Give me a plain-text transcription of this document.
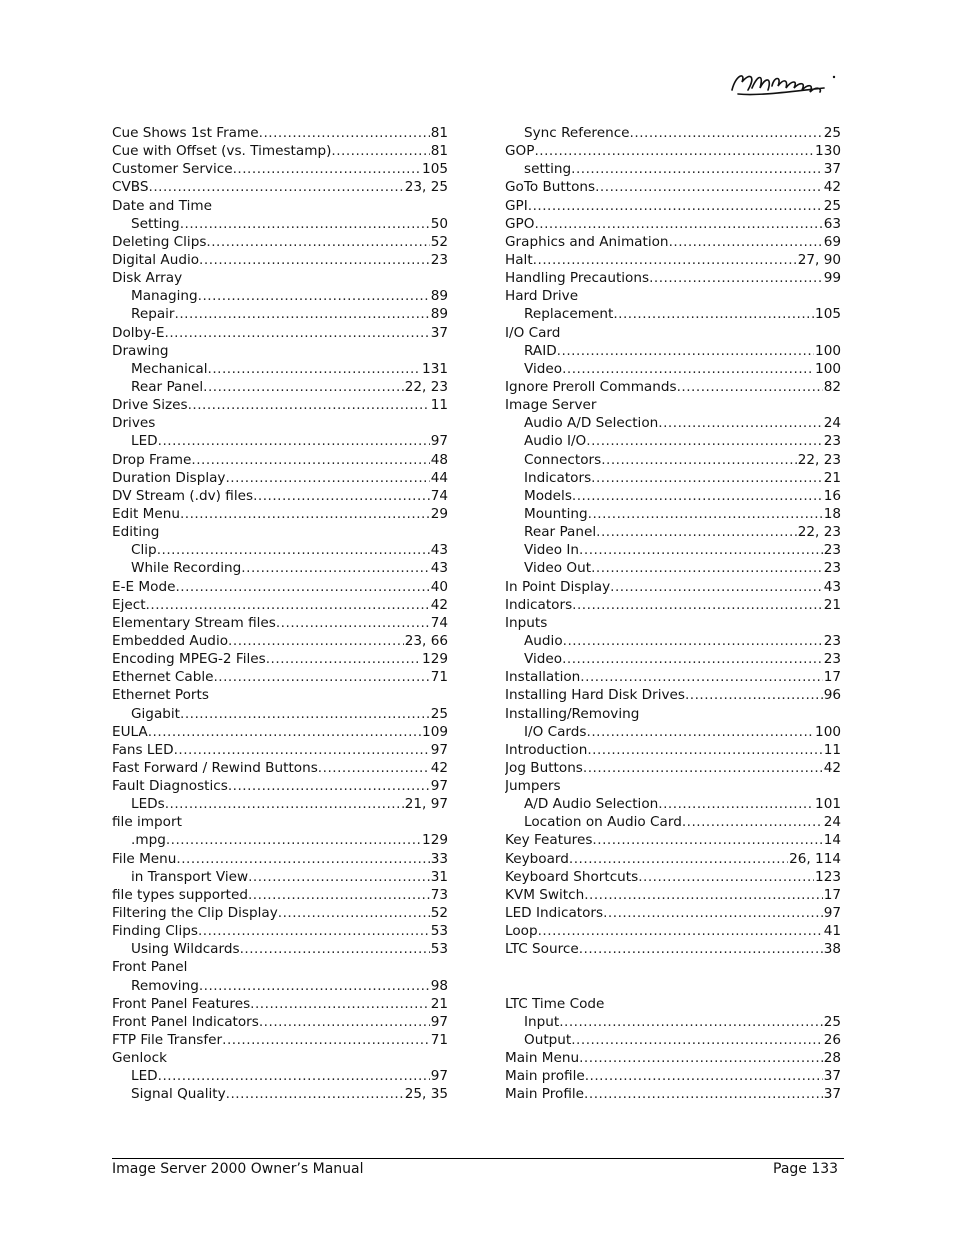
Cue Shows 1st Frame .....	81
Cue with Offset (vs. Timestamp) .....	81
Customer Service .....	105
CVBS .....	23, 25
Date and Time
Setting .....	50
Deleting Clips .....	52
Digital Audio .....	23
Disk Array
Managing .....	89
Repair .....	89
Dolby-E .....	37
Drawing
Mechanical .....	131
Rear Panel .....	22, 23
Drive Sizes .....	11
Drives
LED .....	97
Drop Frame .....	48
Duration Display .....	44
DV Stream (.dv) files .....	74
Edit Menu .....	29
Editing
Clip .....	43
While Recording .....	43
E-E Mode .....	40
Eject .....	42
Elementary Stream files .....	74
Embedded Audio .....	23, 66
Encoding MPEG-2 Files .....	129
Ethernet Cable .....	71
Ethernet Ports
Gigabit .....	25
EULA .....	109
Fans LED .....	97
Fast Forward / Rewind Buttons .....	42
Fault Diagnostics .....	97
LEDs .....	21, 97
file import
.mpg .....	129
File Menu .....	33
in Transport View .....	31
file types supported .....	73
Filtering the Clip Display .....	52
Finding Clips .....	53
Using Wildcards .....	53
Front Panel
Removing .....	98
Front Panel Features .....	21
Front Panel Indicators .....	97
FTP File Transfer .....	71
Genlock
LED .....	97
Signal Quality .....	25, 35
Sync Reference .....	25
GOP .....	130
setting .....	37
GoTo Buttons .....	42
GPI .....	25
GPO .....	63
Graphics and Animation .....	69
Halt .....	27, 90
Handling Precautions .....	99
Hard Drive
Replacement .....	105
I/O Card
RAID .....	100
Video .....	100
Ignore Preroll Commands .....	82
Image Server
Audio A/D Selection .....	24
Audio I/O .....	23
Connectors .....	22, 23
Indicators .....	21
Models .....	16
Mounting .....	18
Rear Panel .....	22, 23
Video In .....	23
Video Out .....	23
In Point Display .....	43
Indicators .....	21
Inputs
Audio .....	23
Video .....	23
Installation .....	17
Installing Hard Disk Drives .....	96
Installing/Removing
I/O Cards .....	100
Introduction .....	11
Jog Buttons .....	42
Jumpers
A/D Audio Selection .....	101
Location on Audio Card .....	24
Key Features .....	14
Keyboard .....	26, 114
Keyboard Shortcuts .....	123
KVM Switch .....	17
LED Indicators .....	97
Loop .....	41
LTC Source .....	38
LTC Time Code
Input .....	25
Output .....	26
Main Menu .....	28
Main profile .....	37
Main Profile .....	37
Image Server 2000 Owner’s Manual	Page 133
